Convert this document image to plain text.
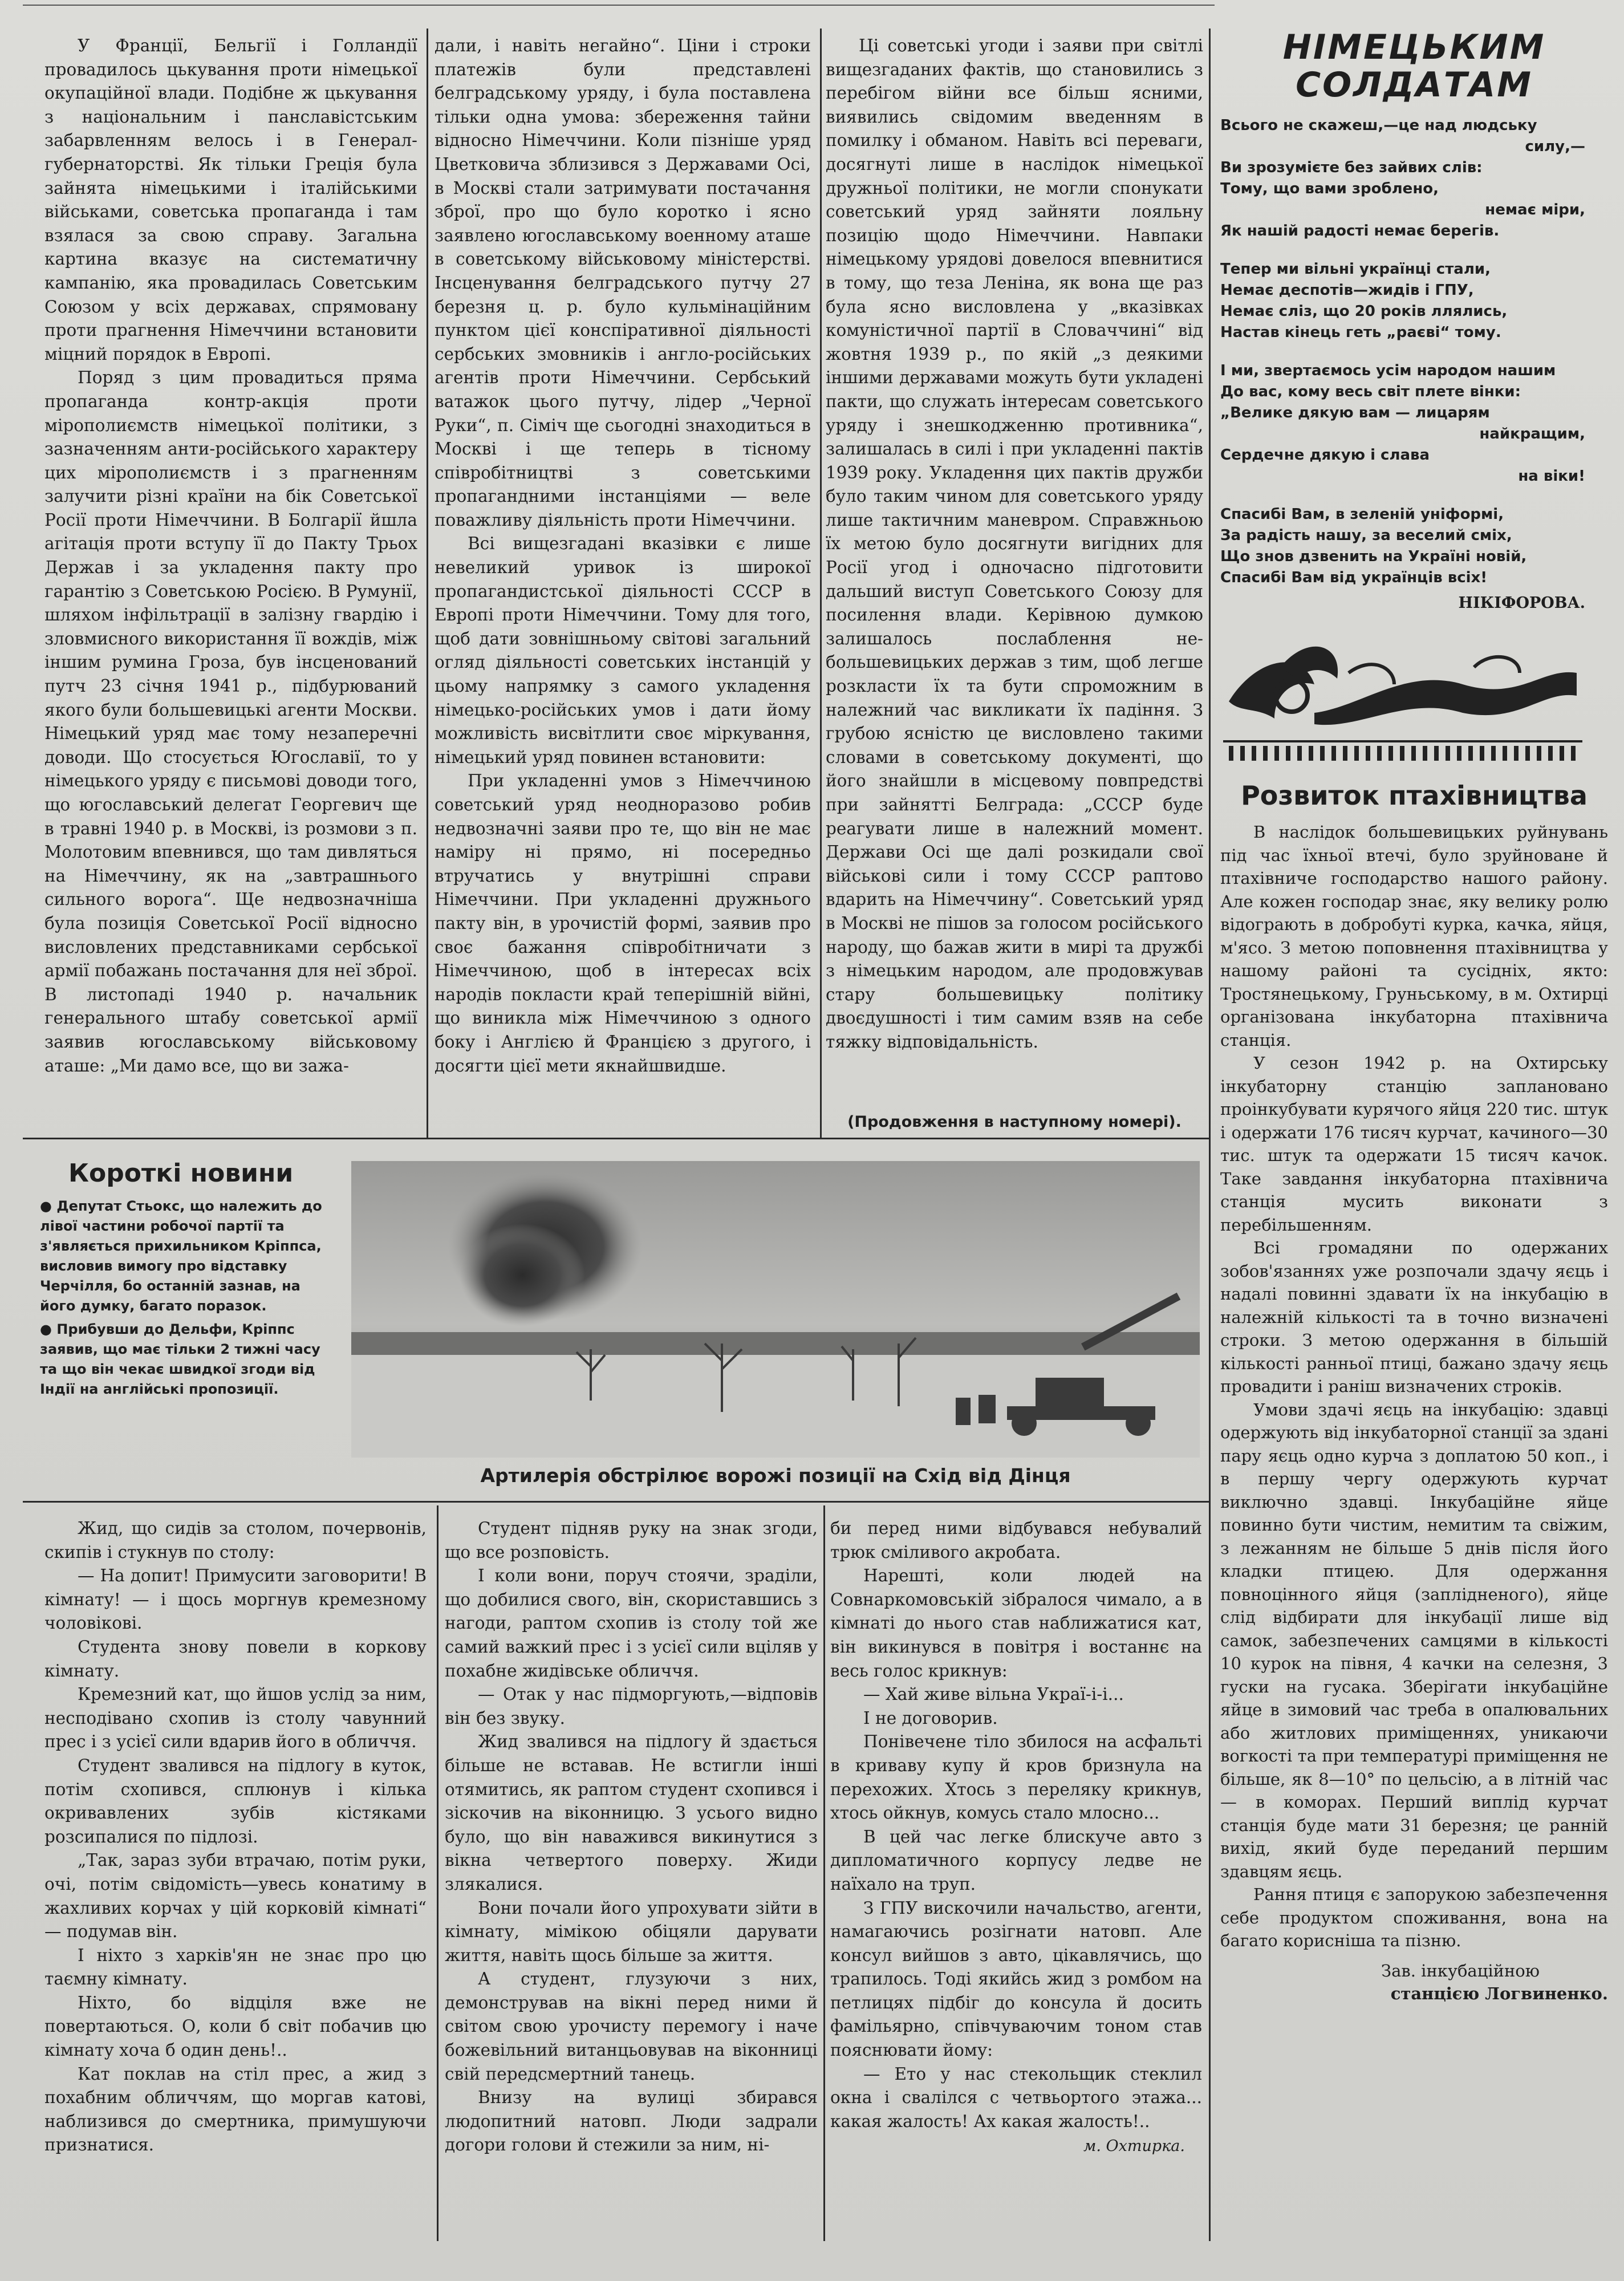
У Франції, Бельгії і Голландії провадилось цькування проти німецької окупаційної влади. Подібне ж цькування з національним і панславістським забарвленням велось і в Генерал-губернаторстві. Як тільки Греція була зайнята німецькими і італійськими військами, советська пропаганда і там взялася за свою справу. Загальна картина вказує на систематичну кампанію, яка провадилась Советським Союзом у всіх державах, спрямовану проти прагнення Німеччини встановити міцний порядок в Европі.

Поряд з цим провадиться пряма пропаганда контр-акція проти мірополиємств німецької політики, з зазначенням анти-російського характеру цих мірополиємств і з прагненням залучити різні країни на бік Советської Росії проти Німеччини. В Болгарії йшла агітація проти вступу її до Пакту Трьох Держав і за укладення пакту про гарантію з Советською Росією. В Румунії, шляхом інфільтрації в залізну гвардію і зловмисного використання її вождів, між іншим румина Гроза, був інсценований путч 23 січня 1941 р., підбурюваний якого були большевицькі агенти Москви. Німецький уряд має тому незаперечні доводи. Що стосується Югославії, то у німецького уряду є письмові доводи того, що югославський делегат Георгевич ще в травні 1940 р. в Москві, із розмови з п. Молотовим впевнився, що там дивляться на Німеччину, як на „завтрашнього сильного ворога“. Ще недвозначніша була позиція Советської Росії відносно висловлених представниками сербської армії побажань постачання для неї зброї. В листопаді 1940 р. начальник генерального штабу советської армії заявив югославському військовому аташе: „Ми дамо все, що ви зажа-

дали, і навіть негайно“. Ціни і строки платежів були представлені белградському уряду, і була поставлена тільки одна умова: збереження тайни відносно Німеччини. Коли пізніше уряд Цветковича зблизився з Державами Осі, в Москві стали затримувати постачання зброї, про що було коротко і ясно заявлено югославському военному аташе в советському військовому міністерстві. Інсценування белградського путчу 27 березня ц. р. було кульмінаційним пунктом цієї конспіративної діяльності сербських змовників і англо-російських агентів проти Німеччини. Сербський ватажок цього путчу, лідер „Черної Руки“, п. Сіміч ще сьогодні знаходиться в Москві і ще теперь в тісному співробітництві з советськими пропагандними інстанціями — веле поважливу діяльність проти Німеччини.

Всі вищезгадані вказівки є лише невеликий уривок із широкої пропагандистської діяльності СССР в Европі проти Німеччини. Тому для того, щоб дати зовнішньому світові загальний огляд діяльності советських інстанцій у цьому напрямку з самого укладення німецько-російських умов і дати йому можливість висвітлити своє міркування, німецький уряд повинен встановити:

При укладенні умов з Німеччиною советський уряд неодноразово робив недвозначні заяви про те, що він не має наміру ні прямо, ні посередньо втручатись у внутрішні справи Німеччини. При укладенні дружнього пакту він, в урочистій формі, заявив про своє бажання співробітничати з Німеччиною, щоб в інтересах всіх народів покласти край теперішній війні, що виникла між Німеччиною з одного боку і Англією й Францією з другого, і досягти цієї мети якнайшвидше.

Ці советські угоди і заяви при світлі вищезгаданих фактів, що становились з перебігом війни все більш ясними, виявились свідомим введенням в помилку і обманом. Навіть всі переваги, досягнуті лише в наслідок німецької дружньої політики, не могли спонукати советський уряд зайняти лояльну позицію щодо Німеччини. Навпаки німецькому урядові довелося впевнитися в тому, що теза Леніна, як вона ще раз була ясно висловлена у „вказівках комуністичної партії в Словаччині“ від жовтня 1939 р., по якій „з деякими іншими державами можуть бути укладені пакти, що служать інтересам советського уряду і знешкодженню противника“, залишалась в силі і при укладенні пактів 1939 року. Укладення цих пактів дружби було таким чином для советського уряду лише тактичним маневром. Справжньою їх метою було досягнути вигідних для Росії угод і одночасно підготовити дальший виступ Советського Союзу для посилення влади. Керівною думкою залишалось послаблення не-большевицьких держав з тим, щоб легше розкласти їх та бути спроможним в належний час викликати їх падіння. З грубою ясністю це висловлено такими словами в советському документі, що його знайшли в місцевому повпредстві при зайнятті Белграда: „СССР буде реагувати лише в належний момент. Держави Осі ще далі розкидали свої військові сили і тому СССР раптово вдарить на Німеччину“. Советський уряд в Москві не пішов за голосом російського народу, що бажав жити в мирі та дружбі з німецьким народом, але продовжував стару большевицьку політику двоєдушності і тим самим взяв на себе тяжку відповідальність.

(Продовження в наступному номері).
НІМЕЦЬКИМ
СОЛДАТАМ
Всього не скажеш,—це над людську
силу,—
Ви зрозумієте без зайвих слів:
Тому, що вами зроблено,
немає міри,
Як нашій радості немає берегів.
Тепер ми вільні українці стали,
Немає деспотів—жидів і ГПУ,
Немає сліз, що 20 років ллялись,
Настав кінець геть „раєві“ тому.
І ми, звертаємось усім народом нашим
До вас, кому весь світ плете вінки:
„Велике дякую вам — лицарям
найкращим,
Сердечне дякую і слава
на віки!
Спасибі Вам, в зеленій уніформі,
За радість нашу, за веселий сміх,
Що знов дзвенить на Україні новій,
Спасибі Вам від українців всіх!
НІКІФОРОВА.
Розвиток птахівництва

В наслідок большевицьких руйнувань під час їхньої втечі, було зруйноване й птахівниче господарство нашого району. Але кожен господар знає, яку велику ролю відограють в добробуті курка, качка, яйця, м'ясо. З метою поповнення птахівництва у нашому районі та сусідніх, якто: Тростянецькому, Груньському, в м. Охтирці організована інкубаторна птахівнича станція.

У сезон 1942 р. на Охтирську інкубаторну станцію заплановано проінкубувати курячого яйця 220 тис. штук і одержати 176 тисяч курчат, качиного—30 тис. штук та одержати 15 тисяч качок. Таке завдання інкубаторна птахівнича станція мусить виконати з перебільшенням.

Всі громадяни по одержаних зобов'язаннях уже розпочали здачу яєць і надалі повинні здавати їх на інкубацію в належній кількості та в точно визначені строки. З метою одержання в більшій кількості ранньої птиці, бажано здачу яєць провадити і раніш визначених строків.

Умови здачі яєць на інкубацію: здавці одержують від інкубаторної станції за здані пару яєць одно курча з доплатою 50 коп., і в першу чергу одержують курчат виключно здавці. Інкубаційне яйце повинно бути чистим, немитим та свіжим, з лежанням не більше 5 днів після його кладки птицею. Для одержання повноцінного яйця (заплідненого), яйце слід відбирати для інкубації лише від самок, забезпечених самцями в кількості 10 курок на півня, 4 качки на селезня, 3 гуски на гусака. Зберігати інкубаційне яйце в зимовий час треба в опалювальних або житлових приміщеннях, уникаючи вогкості та при температурі приміщення не більше, як 8—10° по цельсію, а в літній час — в коморах. Перший виплід курчат станція буде мати 31 березня; це ранній вихід, який буде переданий першим здавцям яєць.

Рання птиця є запорукою забезпечення себе продуктом споживання, вона на багато корисніша та пізню.

Зав. інкубаційною
станцією Логвиненко.
Короткі новини

● Депутат Стьокс, що належить до лівої частини робочої партії та з'являється прихильником Кріппса, висловив вимогу про відставку Черчілля, бо останній зазнав, на його думку, багато поразок.

● Прибувши до Дельфи, Кріппс заявив, що має тільки 2 тижні часу та що він чекає швидкої згоди від Індії на англійські пропозиції.

Артилерія обстрілює ворожі позиції на Схід від Дінця

Жид, що сидів за столом, почервонів, скипів і стукнув по столу:

— На допит! Примусити заговорити! В кімнату! — і щось моргнув кремезному чоловікові.

Студента знову повели в коркову кімнату.

Кремезний кат, що йшов услід за ним, несподівано схопив із столу чавунний прес і з усієї сили вдарив його в обличчя.

Студент звалився на підлогу в куток, потім схопився, сплюнув і кілька окривавлених зубів кістяками розсипалися по підлозі.

„Так, зараз зуби втрачаю, потім руки, очі, потім свідомість—увесь конатиму в жахливих корчах у цій корковій кімнаті“ — подумав він.

І ніхто з харків'ян не знає про цю таємну кімнату.

Ніхто, бо відціля вже не повертаються. О, коли б світ побачив цю кімнату хоча б один день!..

Кат поклав на стіл прес, а жид з похабним обличчям, що моргав катові, наблизився до смертника, примушуючи признатися.

Студент підняв руку на знак згоди, що все розповість.

І коли вони, поруч стоячи, зраділи, що добилися свого, він, скориставшись з нагоди, раптом схопив із столу той же самий важкий прес і з усієї сили вціляв у похабне жидівське обличчя.

— Отак у нас підморгують,—відповів він без звуку.

Жид звалився на підлогу й здається більше не вставав. Не встигли інші отямитись, як раптом студент схопився і зіскочив на віконницю. З усього видно було, що він наважився викинутися з вікна четвертого поверху. Жиди злякалися.

Вони почали його упрохувати зійти в кімнату, мімікою обіцяли дарувати життя, навіть щось більше за життя.

А студент, глузуючи з них, демонстрував на вікні перед ними й світом свою урочисту перемогу і наче божевільний витанцьовував на віконниці свій передсмертний танець.

Внизу на вулиці збирався людопитний натовп. Люди задрали догори голови й стежили за ним, ні-

би перед ними відбувався небувалий трюк сміливого акробата.

Нарешті, коли людей на Совнаркомовській зібралося чимало, а в кімнаті до нього став наближатися кат, він викинувся в повітря і востаннє на весь голос крикнув:

— Хай живе вільна Украї-і-і...

І не договорив.

Понівечене тіло збилося на асфальті в криваву купу й кров бризнула на перехожих. Хтось з переляку крикнув, хтось ойкнув, комусь стало млосно...

В цей час легке блискуче авто з дипломатичного корпусу ледве не наїхало на труп.

З ГПУ вискочили начальство, агенти, намагаючись розігнати натовп. Але консул вийшов з авто, цікавлячись, що трапилось. Тоді якийсь жид з ромбом на петлицях підбіг до консула й досить фамільярно, співчуваючим тоном став пояснювати йому:

— Ето у нас стекольщик стеклил окна і свалілся с четвьортого этажа... какая жалость! Ах какая жалость!..

м. Охтирка.
